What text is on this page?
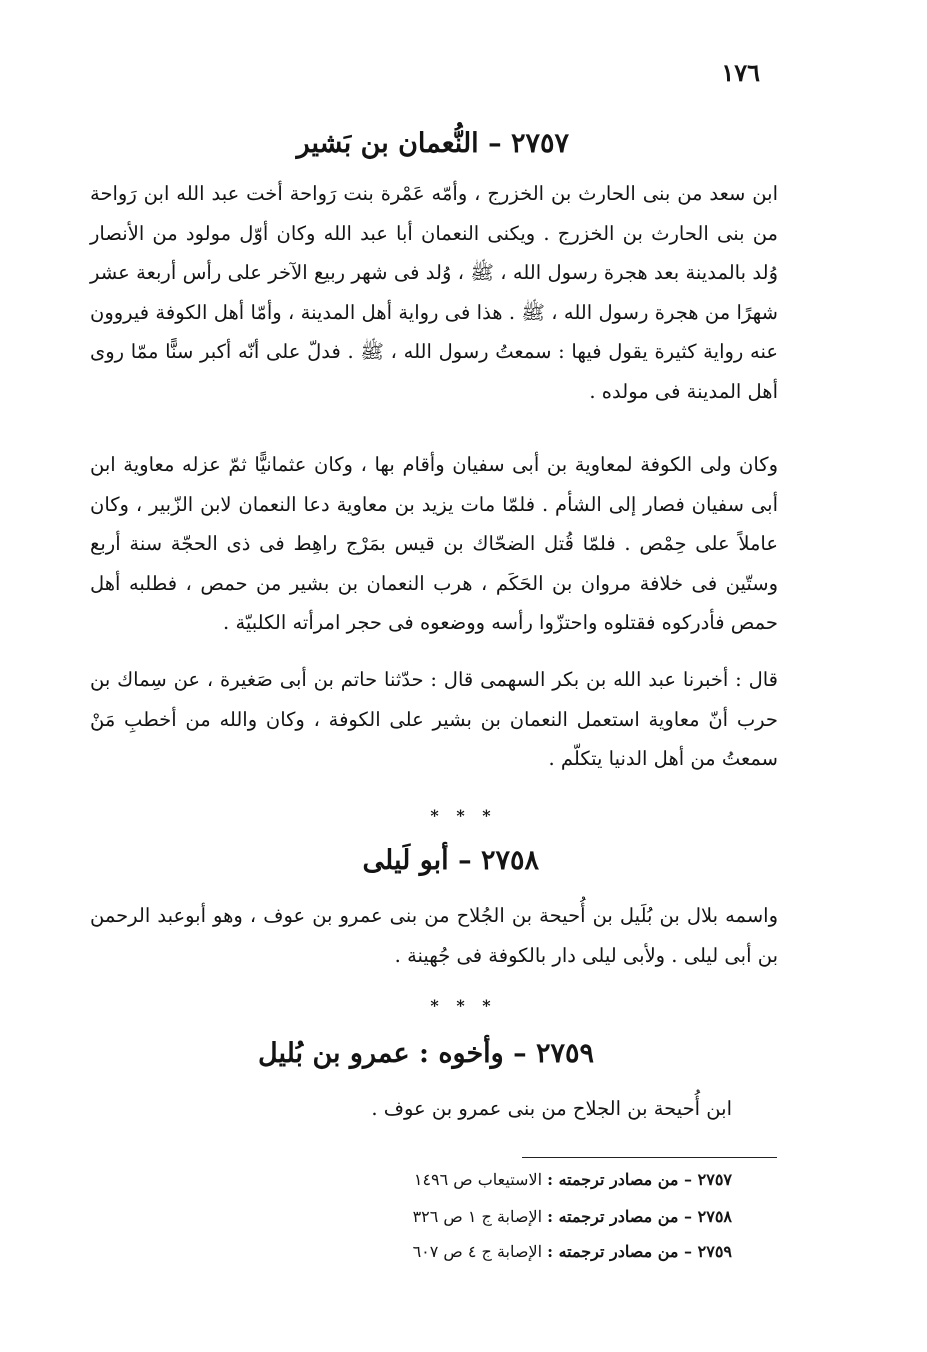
١٧٦
٢٧٥٧ – النُّعمان بن بَشير
ابن سعد من بنى الحارث بن الخزرج ، وأمّه عَمْرة بنت رَواحة أخت عبد الله ابن رَواحة من بنى الحارث بن الخزرج . ويكنى النعمان أبا عبد الله وكان أوّل مولود من الأنصار وُلد بالمدينة بعد هجرة رسول الله ، ﷺ ، وُلد فى شهر ربيع الآخر على رأس أربعة عشر شهرًا من هجرة رسول الله ، ﷺ . هذا فى رواية أهل المدينة ، وأمّا أهل الكوفة فيروون عنه رواية كثيرة يقول فيها : سمعتُ رسول الله ، ﷺ . فدلّ على أنّه أكبر سنًّا ممّا روى أهل المدينة فى مولده .
وكان ولى الكوفة لمعاوية بن أبى سفيان وأقام بها ، وكان عثمانيًّا ثمّ عزله معاوية ابن أبى سفيان فصار إلى الشأم . فلمّا مات يزيد بن معاوية دعا النعمان لابن الزّبير ، وكان عاملاً على حِمْص . فلمّا قُتل الضحّاك بن قيس بمَرْج راهِط فى ذى الحجّة سنة أربع وستّين فى خلافة مروان بن الحَكَم ، هرب النعمان بن بشير من حمص ، فطلبه أهل حمص فأدركوه فقتلوه واحتزّوا رأسه ووضعوه فى حجر امرأته الكلبيّة .
قال : أخبرنا عبد الله بن بكر السهمى قال : حدّثنا حاتم بن أبى صَغيرة ، عن سِماك بن حرب أنّ معاوية استعمل النعمان بن بشير على الكوفة ، وكان والله من أخطبِ مَنْ سمعتُ من أهل الدنيا يتكلّم .
* * *
٢٧٥٨ – أبو لَيلى
واسمه بلال بن بُلَيل بن أُحيحة بن الجُلاح من بنى عمرو بن عوف ، وهو أبوعبد الرحمن بن أبى ليلى . ولأبى ليلى دار بالكوفة فى جُهينة .
* * *
٢٧٥٩ – وأخوه : عمرو بن بُليل
ابن أُحيحة بن الجلاح من بنى عمرو بن عوف .
٢٧٥٧ – من مصادر ترجمته : الاستيعاب ص ١٤٩٦
٢٧٥٨ – من مصادر ترجمته : الإصابة ج ١ ص ٣٢٦
٢٧٥٩ – من مصادر ترجمته : الإصابة ج ٤ ص ٦٠٧
